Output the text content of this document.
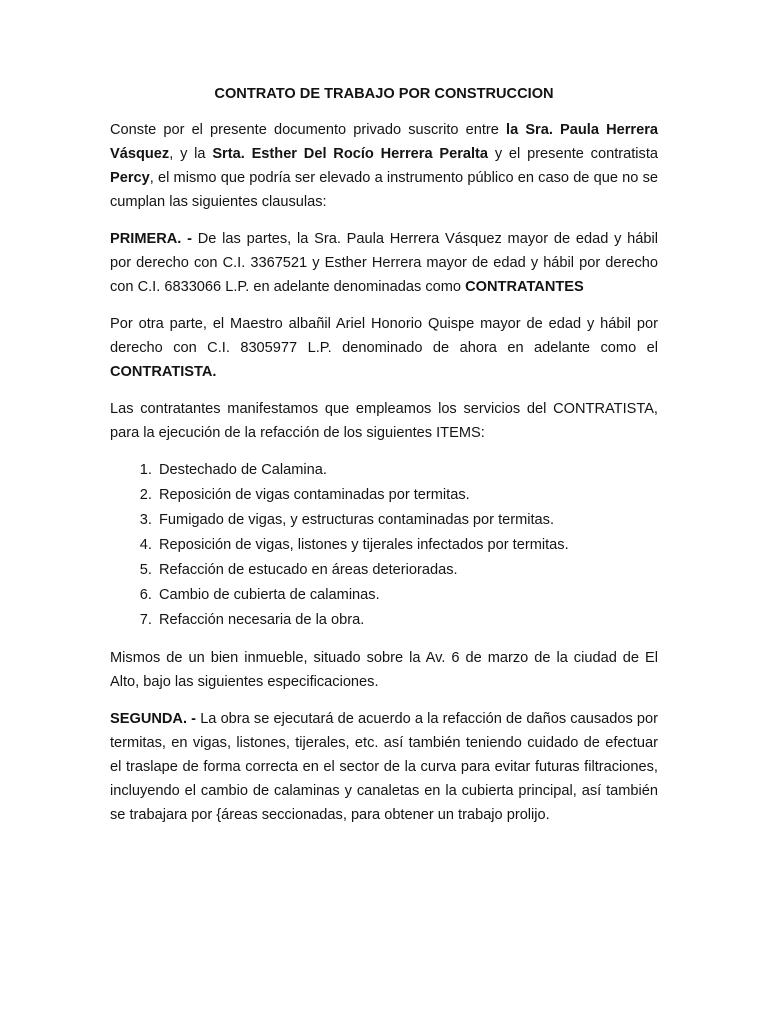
CONTRATO DE TRABAJO POR CONSTRUCCION

Conste por el presente documento privado suscrito entre la Sra. Paula Herrera Vásquez, y la Srta. Esther Del Rocío Herrera Peralta y el presente contratista Percy, el mismo que podría ser elevado a instrumento público en caso de que no se cumplan las siguientes clausulas:

PRIMERA. - De las partes, la Sra. Paula Herrera Vásquez mayor de edad y hábil por derecho con C.I. 3367521 y Esther Herrera mayor de edad y hábil por derecho con C.I. 6833066 L.P. en adelante denominadas como CONTRATANTES

Por otra parte, el Maestro albañil Ariel Honorio Quispe mayor de edad y hábil por derecho con C.I. 8305977 L.P. denominado de ahora en adelante como el CONTRATISTA.

Las contratantes manifestamos que empleamos los servicios del CONTRATISTA, para la ejecución de la refacción de los siguientes ITEMS:

1. Destechado de Calamina.
2. Reposición de vigas contaminadas por termitas.
3. Fumigado de vigas, y estructuras contaminadas por termitas.
4. Reposición de vigas, listones y tijerales infectados por termitas.
5. Refacción de estucado en áreas deterioradas.
6. Cambio de cubierta de calaminas.
7. Refacción necesaria de la obra.

Mismos de un bien inmueble, situado sobre la Av. 6 de marzo de la ciudad de El Alto, bajo las siguientes especificaciones.

SEGUNDA. - La obra se ejecutará de acuerdo a la refacción de daños causados por termitas, en vigas, listones, tijerales, etc. así también teniendo cuidado de efectuar el traslape de forma correcta en el sector de la curva para evitar futuras filtraciones, incluyendo el cambio de calaminas y canaletas en la cubierta principal, así también se trabajara por {áreas seccionadas, para obtener un trabajo prolijo.
